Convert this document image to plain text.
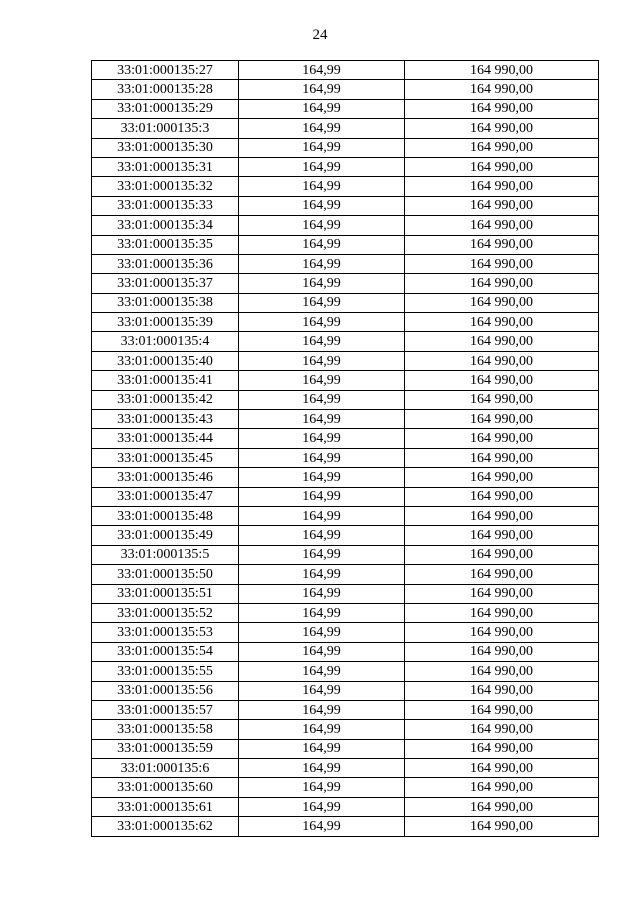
24
33:01:000135:27	164,99	164 990,00
33:01:000135:28	164,99	164 990,00
33:01:000135:29	164,99	164 990,00
33:01:000135:3	164,99	164 990,00
33:01:000135:30	164,99	164 990,00
33:01:000135:31	164,99	164 990,00
33:01:000135:32	164,99	164 990,00
33:01:000135:33	164,99	164 990,00
33:01:000135:34	164,99	164 990,00
33:01:000135:35	164,99	164 990,00
33:01:000135:36	164,99	164 990,00
33:01:000135:37	164,99	164 990,00
33:01:000135:38	164,99	164 990,00
33:01:000135:39	164,99	164 990,00
33:01:000135:4	164,99	164 990,00
33:01:000135:40	164,99	164 990,00
33:01:000135:41	164,99	164 990,00
33:01:000135:42	164,99	164 990,00
33:01:000135:43	164,99	164 990,00
33:01:000135:44	164,99	164 990,00
33:01:000135:45	164,99	164 990,00
33:01:000135:46	164,99	164 990,00
33:01:000135:47	164,99	164 990,00
33:01:000135:48	164,99	164 990,00
33:01:000135:49	164,99	164 990,00
33:01:000135:5	164,99	164 990,00
33:01:000135:50	164,99	164 990,00
33:01:000135:51	164,99	164 990,00
33:01:000135:52	164,99	164 990,00
33:01:000135:53	164,99	164 990,00
33:01:000135:54	164,99	164 990,00
33:01:000135:55	164,99	164 990,00
33:01:000135:56	164,99	164 990,00
33:01:000135:57	164,99	164 990,00
33:01:000135:58	164,99	164 990,00
33:01:000135:59	164,99	164 990,00
33:01:000135:6	164,99	164 990,00
33:01:000135:60	164,99	164 990,00
33:01:000135:61	164,99	164 990,00
33:01:000135:62	164,99	164 990,00
